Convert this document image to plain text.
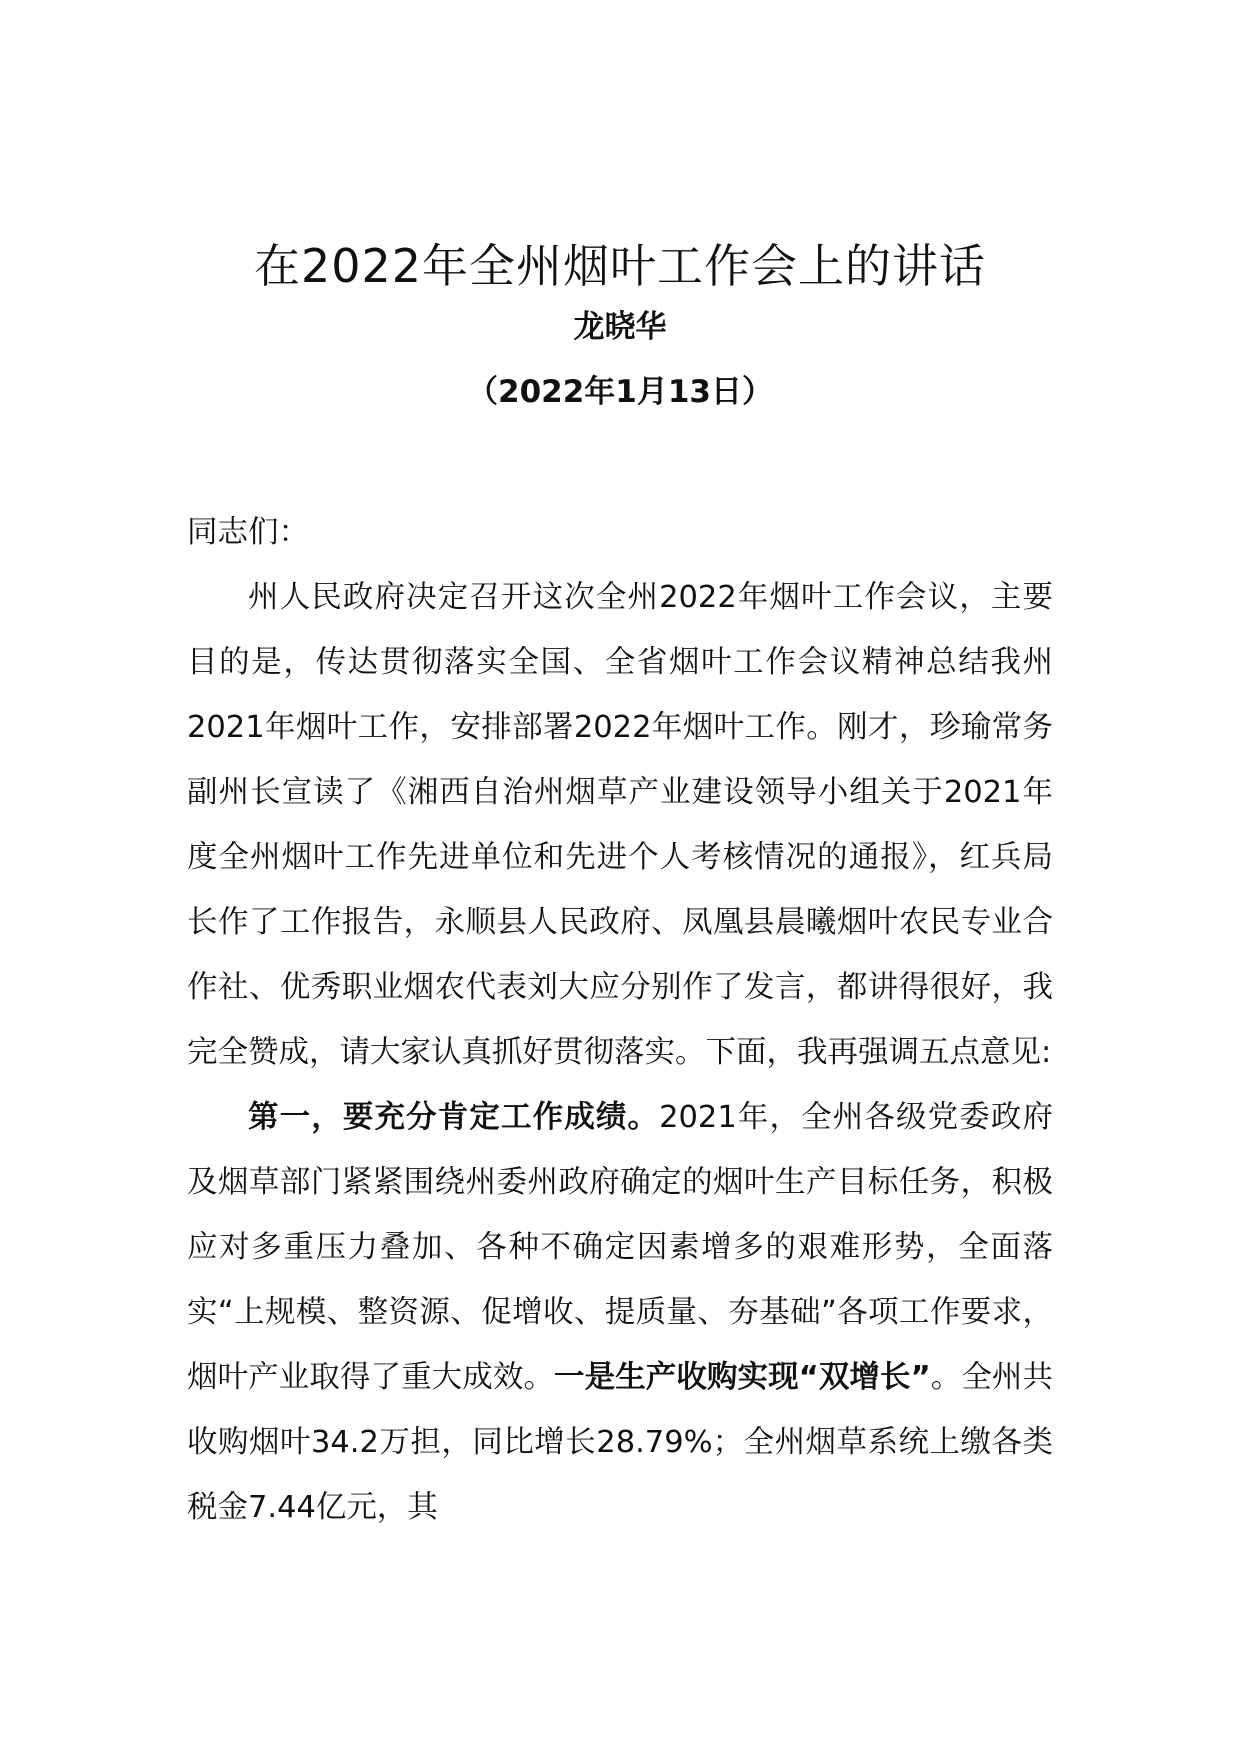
在2022年全州烟叶工作会上的讲话
龙晓华
（2022年1月13日）

同志们：

州人民政府决定召开这次全州2022年烟叶工作会议，主要目的是，传达贯彻落实全国、全省烟叶工作会议精神总结我州2021年烟叶工作，安排部署2022年烟叶工作。刚才，珍瑜常务副州长宣读了《湘西自治州烟草产业建设领导小组关于2021年度全州烟叶工作先进单位和先进个人考核情况的通报》，红兵局长作了工作报告，永顺县人民政府、凤凰县晨曦烟叶农民专业合作社、优秀职业烟农代表刘大应分别作了发言，都讲得很好，我完全赞成，请大家认真抓好贯彻落实。下面，我再强调五点意见:

第一，要充分肯定工作成绩。2021年，全州各级党委政府及烟草部门紧紧围绕州委州政府确定的烟叶生产目标任务，积极应对多重压力叠加、各种不确定因素增多的艰难形势，全面落实“上规模、整资源、促增收、提质量、夯基础”各项工作要求，烟叶产业取得了重大成效。一是生产收购实现“双增长”。全州共收购烟叶34.2万担，同比增长28.79%；全州烟草系统上缴各类税金7.44亿元，其
